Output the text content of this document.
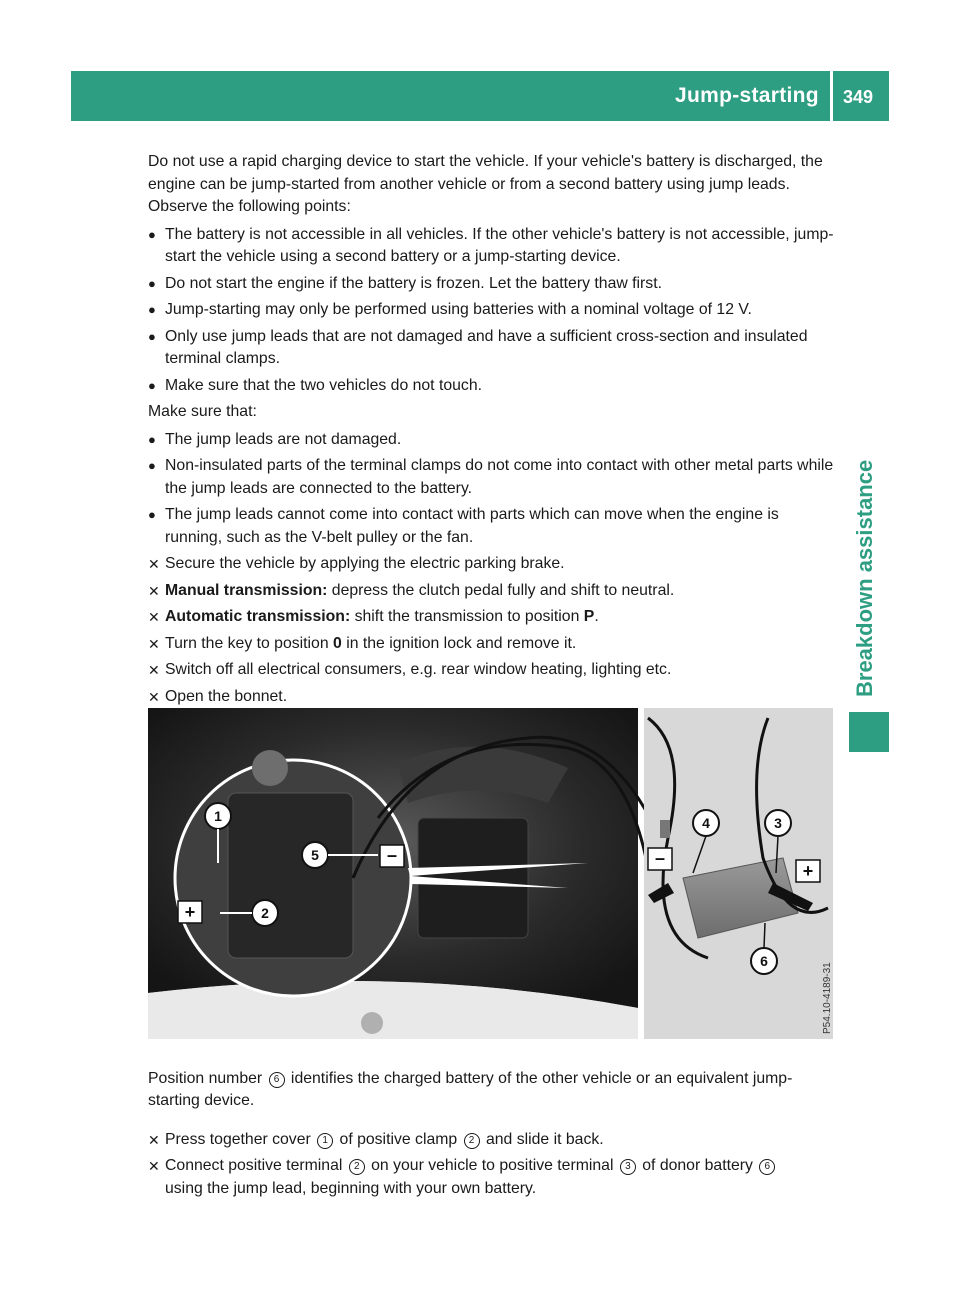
Jump-starting 349
Breakdown assistance

Do not use a rapid charging device to start the vehicle. If your vehicle's battery is discharged, the engine can be jump-started from another vehicle or from a second battery using jump leads. Observe the following points:

● The battery is not accessible in all vehicles. If the other vehicle's battery is not accessible, jump-start the vehicle using a second battery or a jump-starting device.
● Do not start the engine if the battery is frozen. Let the battery thaw first.
● Jump-starting may only be performed using batteries with a nominal voltage of 12 V.
● Only use jump leads that are not damaged and have a sufficient cross-section and insulated terminal clamps.
● Make sure that the two vehicles do not touch.

Make sure that:

● The jump leads are not damaged.
● Non-insulated parts of the terminal clamps do not come into contact with other metal parts while the jump leads are connected to the battery.
● The jump leads cannot come into contact with parts which can move when the engine is running, such as the V-belt pulley or the fan.
✕ Secure the vehicle by applying the electric parking brake.
✕ Manual transmission: depress the clutch pedal fully and shift to neutral.
✕ Automatic transmission: shift the transmission to position P.
✕ Turn the key to position 0 in the ignition lock and remove it.
✕ Switch off all electrical consumers, e.g. rear window heating, lighting etc.
✕ Open the bonnet.
1
2
3
4
5
6
+
–	–
+
P54.10-4189-31

Position number 6 identifies the charged battery of the other vehicle or an equivalent jump-starting device.

✕ Press together cover 1 of positive clamp 2 and slide it back.
✕ Connect positive terminal 2 on your vehicle to positive terminal 3 of donor battery 6
using the jump lead, beginning with your own battery.
